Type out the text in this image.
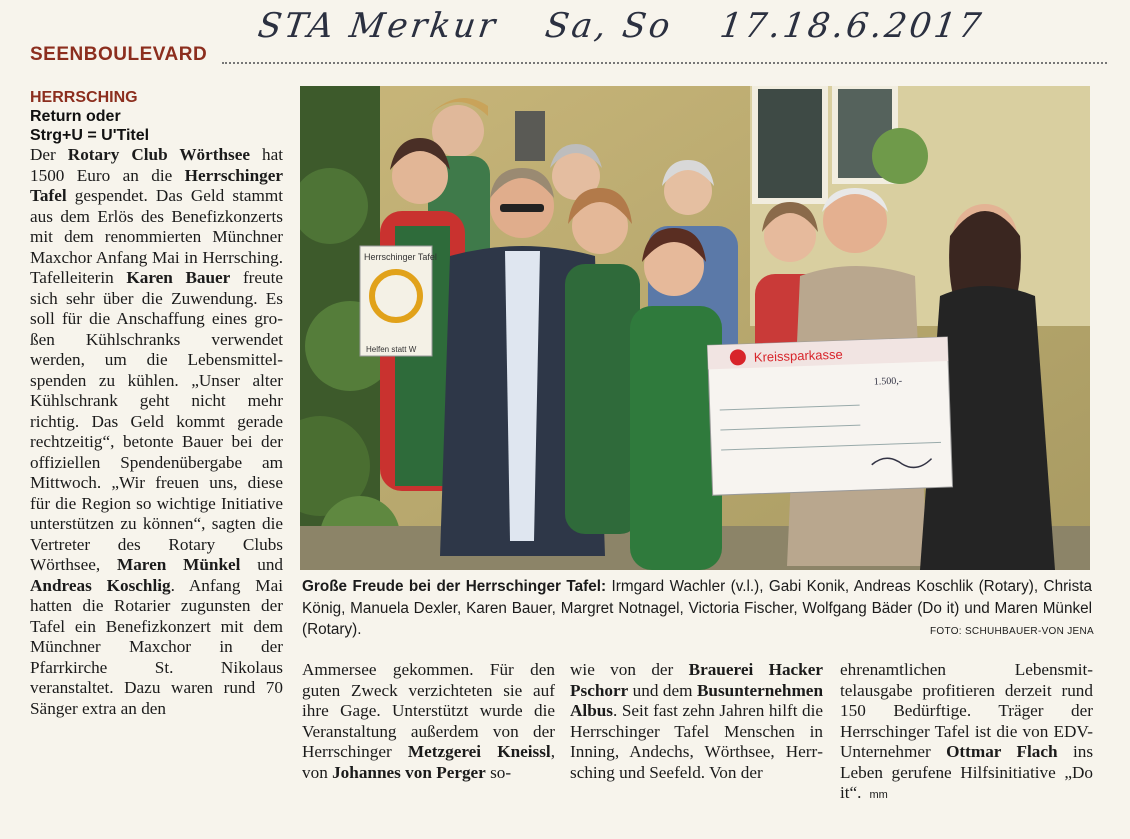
STA Merkur Sa, So 17.18.6.2017
SEENBOULEVARD
HERRSCHING
Return oder
Strg+U = U'Titel
Der Rotary Club Wörthsee hat 1500 Euro an die Herrschinger Tafel gespendet. Das Geld stammt aus dem Erlös des Benefizkonzerts mit dem renommierten Münchner Maxchor Anfang Mai in Herrsching. Tafelleiterin Karen Bauer freute sich sehr über die Zuwendung. Es soll für die Anschaffung eines großen Kühlschranks verwendet werden, um die Lebensmittelspenden zu kühlen. „Unser alter Kühlschrank geht nicht mehr richtig. Das Geld kommt gerade rechtzeitig“, betonte Bauer bei der offiziellen Spendenübergabe am Mittwoch. „Wir freuen uns, diese für die Region so wichtige Initiative unterstützen zu können“, sagten die Vertreter des Rotary Clubs Wörthsee, Maren Münkel und Andreas Koschlig. Anfang Mai hatten die Rotarier zugunsten der Tafel ein Benefizkonzert mit dem Münchner Maxchor in der Pfarrkirche St. Nikolaus veranstaltet. Dazu waren rund 70 Sänger extra an den
Herrschinger Tafel
Helfen statt W	Kreissparkasse
1.500,-
Große Freude bei der Herrschinger Tafel: Irmgard Wachler (v.l.), Gabi Konik, Andreas Koschlik (Rotary), Christa König, Manuela Dexler, Karen Bauer, Margret Notnagel, Victoria Fischer, Wolfgang Bäder (Do it) und Maren Münkel (Rotary).	FOTO: SCHUHBAUER-VON JENA
Ammersee gekommen. Für den guten Zweck verzichteten sie auf ihre Gage. Unterstützt wurde die Veranstaltung außerdem von der Herrschinger Metzgerei Kneissl, von Johannes von Perger so-
wie von der Brauerei Hacker Pschorr und dem Busunternehmen Albus. Seit fast zehn Jahren hilft die Herrschinger Tafel Menschen in Inning, Andechs, Wörthsee, Herrsching und Seefeld. Von der
ehrenamtlichen Lebensmittelausgabe profitieren derzeit rund 150 Bedürftige. Träger der Herrschinger Tafel ist die von EDV-Unternehmer Ottmar Flach ins Leben gerufene Hilfsinitiative „Do it“. mm
